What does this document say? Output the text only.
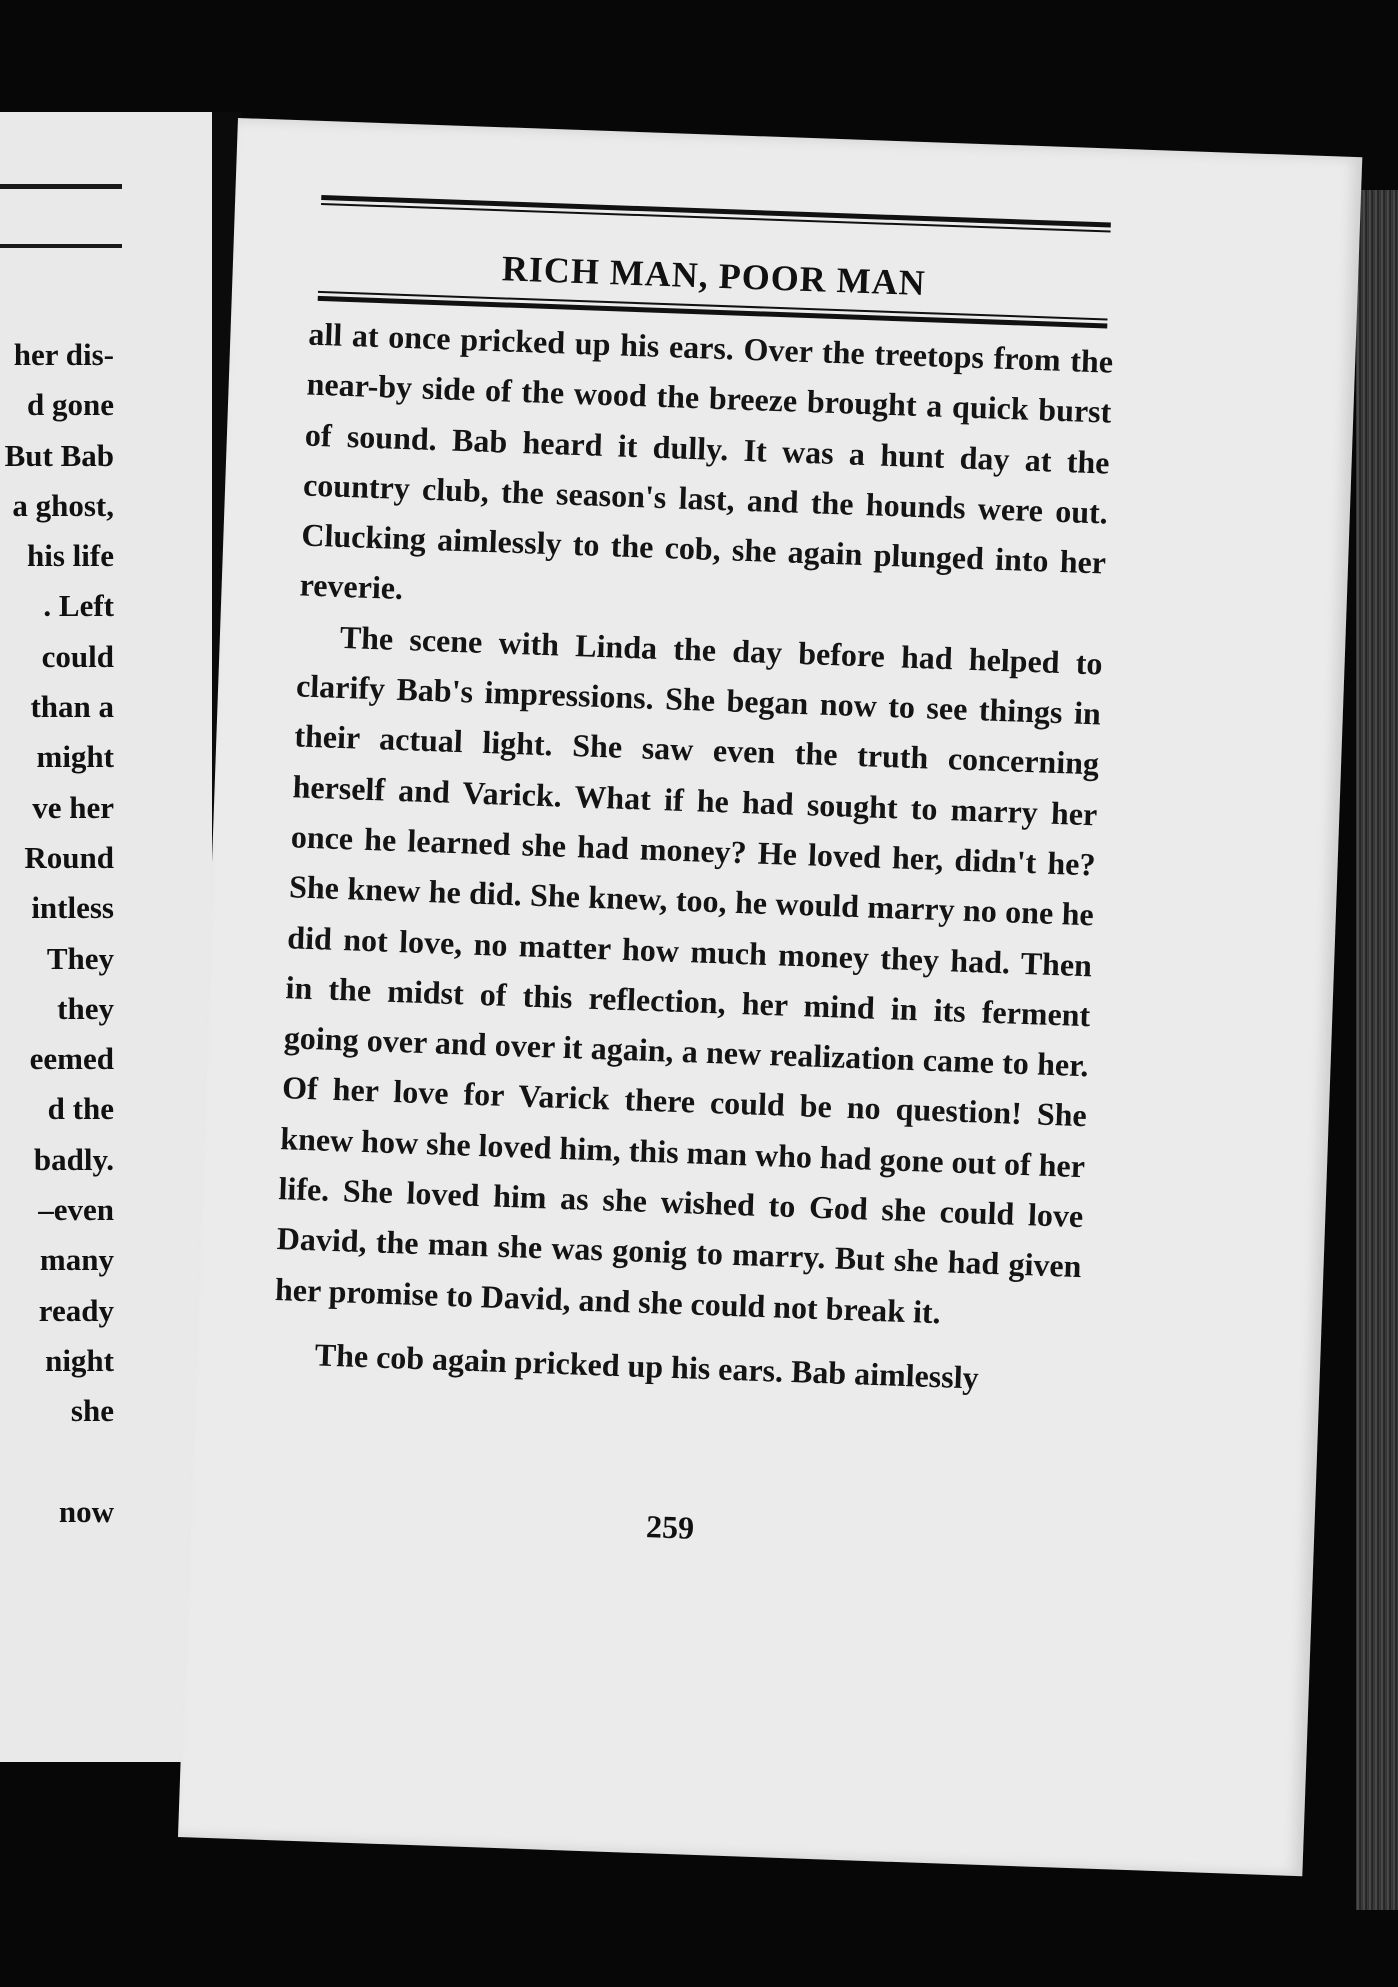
her dis-
d gone
But Bab
a ghost,
his life
. Left
could
than a
might
ve her
Round
intless
They
they
eemed
d the
badly.
–even
many
ready
night
she
now
RICH MAN, POOR MAN

all at once pricked up his ears. Over the treetops from the near-by side of the wood the breeze brought a quick burst of sound. Bab heard it dully. It was a hunt day at the country club, the season's last, and the hounds were out. Clucking aimlessly to the cob, she again plunged into her reverie.

The scene with Linda the day before had helped to clarify Bab's impressions. She began now to see things in their actual light. She saw even the truth concerning herself and Varick. What if he had sought to marry her once he learned she had money? He loved her, didn't he? She knew he did. She knew, too, he would marry no one he did not love, no matter how much money they had. Then in the midst of this reflection, her mind in its ferment going over and over it again, a new realization came to her. Of her love for Varick there could be no question! She knew how she loved him, this man who had gone out of her life. She loved him as she wished to God she could love David, the man she was gonig to marry. But she had given her promise to David, and she could not break it.

The cob again pricked up his ears. Bab aimlessly

259
